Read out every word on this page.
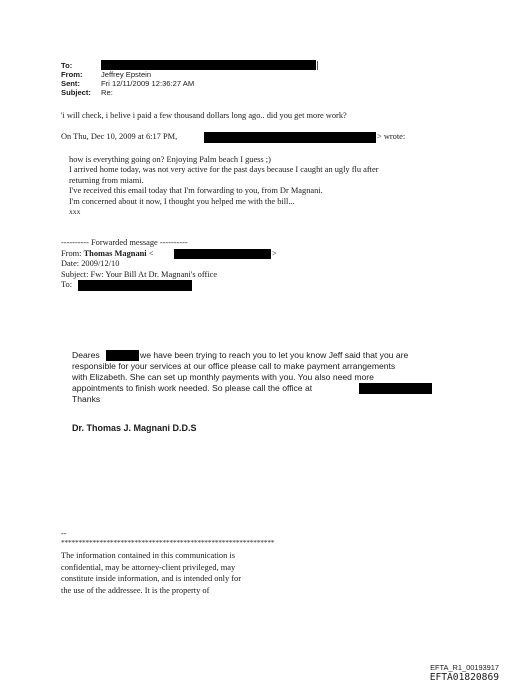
To:
From: Jeffrey Epstein
Sent:	Fri 12/11/2009 12:36:27 AM
Subject: Re:
'i will check, i belive i paid a few thousand dollars long ago.. did you get more work?
On Thu, Dec 10, 2009 at 6:17 PM,	> wrote:
how is everything going on? Enjoying Palm beach I guess ;)
I arrived home today, was not very active for the past days because I caught an ugly flu after
returning from miami.
I've received this email today that I'm forwarding to you, from Dr Magnani.
I'm concerned about it now, I thought you helped me with the bill...
xxx
---------- Forwarded message ----------
From: Thomas Magnani <	>
Date: 2009/12/10
Subject: Fw: Your Bill At Dr. Magnani's office
To:
Deares	we have been trying to reach you to let you know Jeff said that you are
responsible for your services at our office please call to make payment arrangements
with Elizabeth. She can set up monthly payments with you. You also need more
appointments to finish work needed. So please call the office at
Thanks
Dr. Thomas J. Magnani D.D.S
--
*************************************************************
The information contained in this communication is
confidential, may be attorney-client privileged, may
constitute inside information, and is intended only for
the use of the addressee. It is the property of
EFTA_R1_00193917
EFTA01820869
